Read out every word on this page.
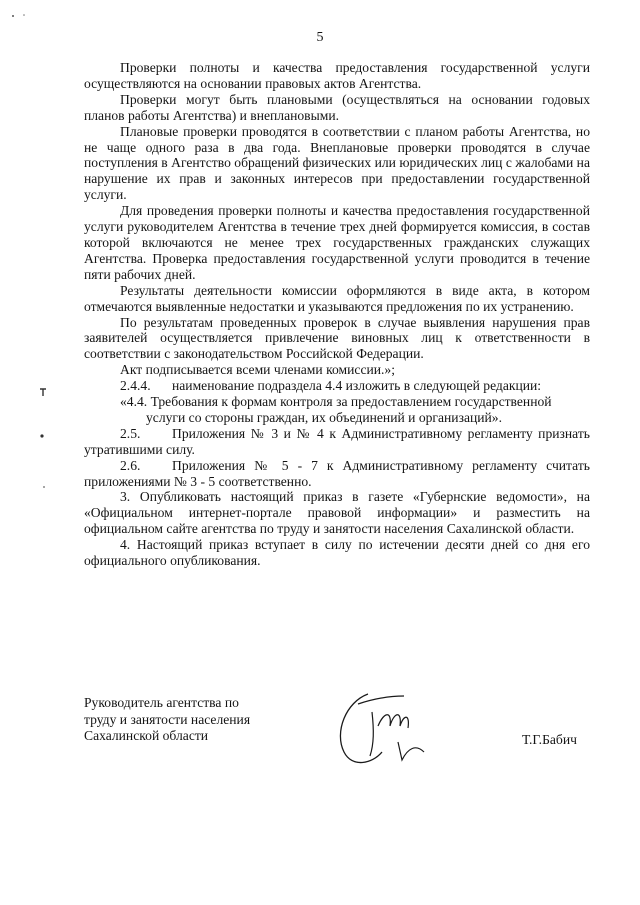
5

Проверки полноты и качества предоставления государственной услуги осуществляются на основании правовых актов Агентства.

Проверки могут быть плановыми (осуществляться на основании годовых планов работы Агентства) и внеплановыми.

Плановые проверки проводятся в соответствии с планом работы Агентства, но не чаще одного раза в два года. Внеплановые проверки проводятся в случае поступления в Агентство обращений физических или юридических лиц с жалобами на нарушение их прав и законных интересов при предоставлении государственной услуги.

Для проведения проверки полноты и качества предоставления государственной услуги руководителем Агентства в течение трех дней формируется комиссия, в состав которой включаются не менее трех государственных гражданских служащих Агентства. Проверка предоставления государственной услуги проводится в течение пяти рабочих дней.

Результаты деятельности комиссии оформляются в виде акта, в котором отмечаются выявленные недостатки и указываются предложения по их устранению.

По результатам проведенных проверок в случае выявления нарушения прав заявителей осуществляется привлечение виновных лиц к ответственности в соответствии с законодательством Российской Федерации.

Акт подписывается всеми членами комиссии.»;

2.4.4. наименование подраздела 4.4 изложить в следующей редакции:

«4.4. Требования к формам контроля за предоставлением государственной
услуги со стороны граждан, их объединений и организаций».

2.5. Приложения № 3 и № 4 к Административному регламенту признать утратившими силу.

2.6. Приложения № 5 - 7 к Административному регламенту считать приложениями № 3 - 5 соответственно.

3. Опубликовать настоящий приказ в газете «Губернские ведомости», на «Официальном интернет-портале правовой информации» и разместить на официальном сайте агентства по труду и занятости населения Сахалинской области.

4. Настоящий приказ вступает в силу по истечении десяти дней со дня его официального опубликования.

Руководитель агентства по
труду и занятости населения
Сахалинской области	Т.Г.Бабич
